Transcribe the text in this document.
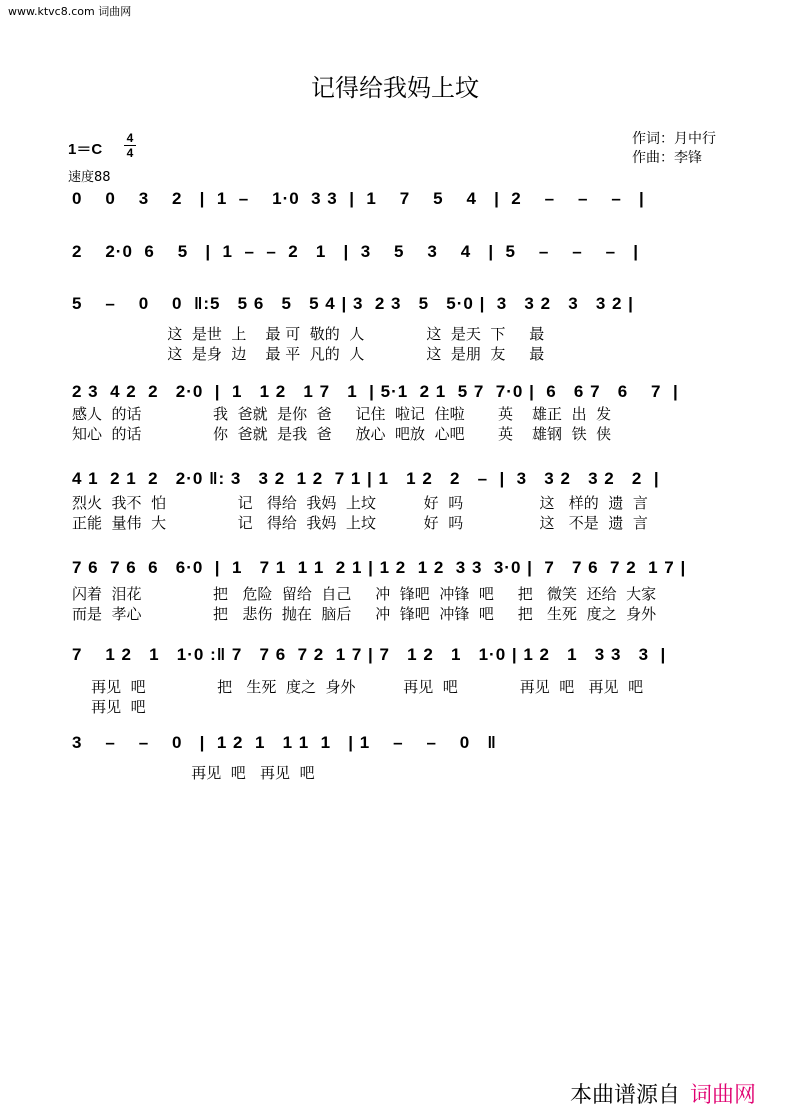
www.ktvc8.com 词曲网
记得给我妈上坟
1＝C
4
4
速度88
作词：月中行
作曲：李锋
0    0    3    2   |  1  –    1·0  3 3  |  1    7    5    4   |  2    –    –    –   |
2    2·0  6    5   |  1  –  –  2   1   |  3    5    3    4   |  5    –    –    –   |
5    –    0    0  ‖:5   5 6   5   5 4 | 3  2 3   5   5·0 |  3   3 2   3   3 2 |
这  是世  上    最 可  敬的  人             这  是天  下     最
这  是身  边    最 平  凡的  人             这  是朋  友     最
2 3  4 2  2   2·0  |  1   1 2   1 7   1  | 5·1  2 1  5 7  7·0 |  6   6 7   6    7  |
感人  的话               我  爸就  是你  爸     记住  啦记  住啦       英    雄正  出  发
知心  的话               你  爸就  是我  爸     放心  吧放  心吧       英    雄钢  铁  侠
4 1  2 1  2   2·0 ‖: 3   3 2  1 2  7 1 | 1   1 2   2   –  |  3   3 2   3 2   2  |
烈火  我不  怕               记   得给  我妈  上坟          好  吗                这   样的  遗  言
正能  量伟  大               记   得给  我妈  上坟          好  吗                这   不是  遗  言
7 6  7 6  6   6·0  |  1   7 1  1 1  2 1 | 1 2  1 2  3 3  3·0 |  7   7 6  7 2  1 7 |
闪着  泪花               把   危险  留给  自己     冲  锋吧  冲锋  吧     把   微笑  还给  大家
而是  孝心               把   悲伤  抛在  脑后     冲  锋吧  冲锋  吧     把   生死  度之  身外
7    1 2   1   1·0 :‖ 7   7 6  7 2  1 7 | 7   1 2   1   1·0 | 1 2   1   3 3   3  |
再见  吧               把   生死  度之  身外          再见  吧             再见  吧   再见  吧
再见  吧
3    –    –    0   |  1 2  1   1 1  1   | 1    –    –    0   ‖
再见  吧   再见  吧
本曲谱源自 词曲网
